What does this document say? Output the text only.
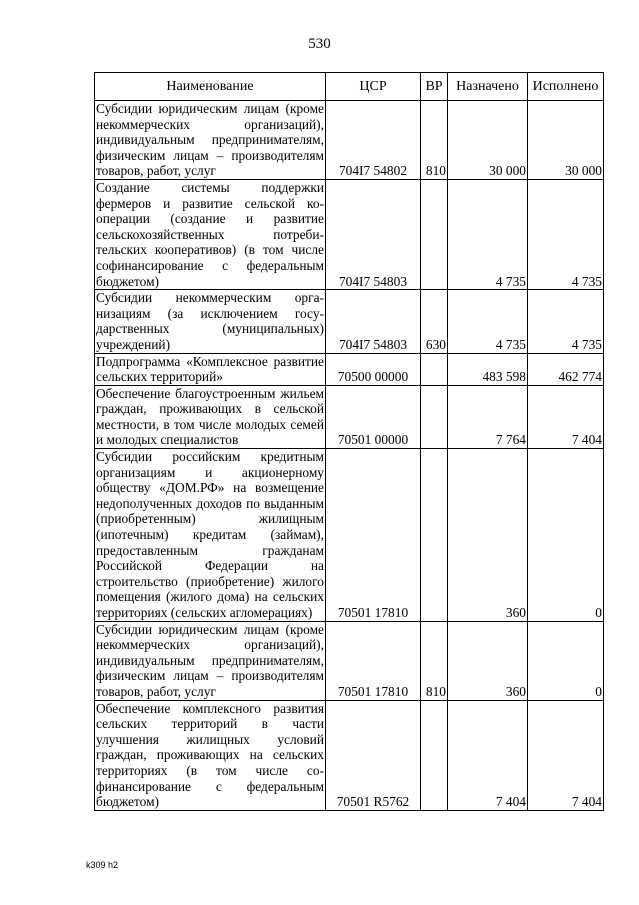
530
Наименование	ЦСР	ВР	Назначено	Исполнено
Субсидии юридическим лицам (кроме некоммерческих организаций), индивидуальным предпринимателям, физическим лицам – производителям товаров, работ, услуг	704I7 54802	810	30 000	30 000
Создание системы поддержки фермеров и развитие сельской кооперации (создание и развитие сельскохозяйственных потребительских кооперативов) (в том числе софинансирование с федеральным бюджетом)	704I7 54803		4 735	4 735
Субсидии некоммерческим организациям (за исключением государственных (муниципальных) учреждений)	704I7 54803	630	4 735	4 735
Подпрограмма «Комплексное развитие сельских территорий»	70500 00000		483 598	462 774
Обеспечение благоустроенным жильем граждан, проживающих в сельской местности, в том числе молодых семей и молодых специалистов	70501 00000		7 764	7 404
Субсидии российским кредитным организациям и акционерному обществу «ДОМ.РФ» на возмещение недополученных доходов по выданным (приобретенным) жилищным (ипотечным) кредитам (займам), предоставленным гражданам Российской Федерации на строительство (приобретение) жилого помещения (жилого дома) на сельских территориях (сельских агломерациях)	70501 17810		360	0
Субсидии юридическим лицам (кроме некоммерческих организаций), индивидуальным предпринимателям, физическим лицам – производителям товаров, работ, услуг	70501 17810	810	360	0
Обеспечение комплексного развития сельских территорий в части улучшения жилищных условий граждан, проживающих на сельских территориях (в том числе софинансирование с федеральным бюджетом)	70501 R5762		7 404	7 404
k309 h2
